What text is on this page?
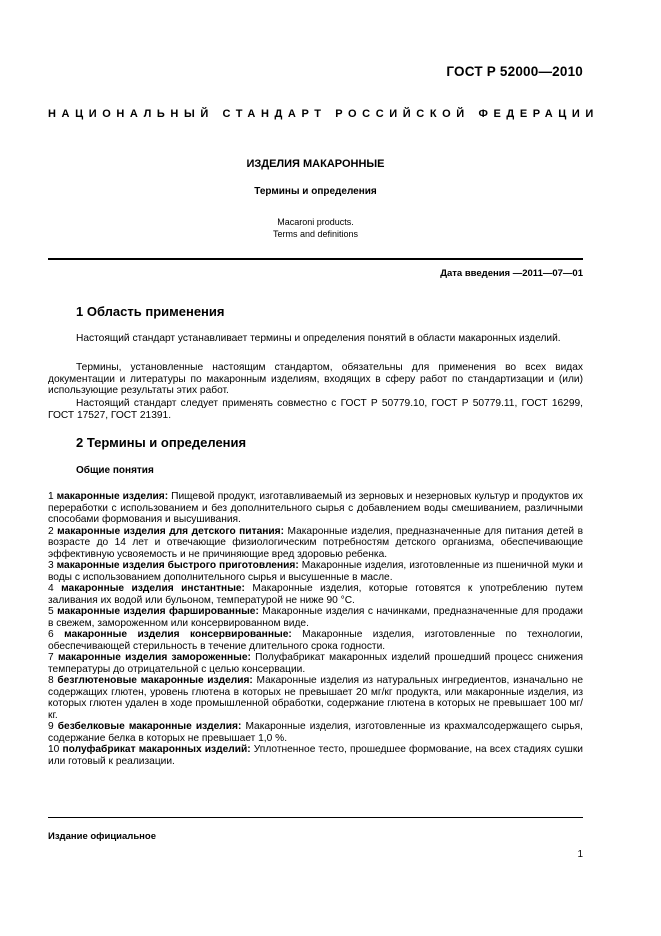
ГОСТ Р 52000—2010
НАЦИОНАЛЬНЫЙ СТАНДАРТ РОССИЙСКОЙ ФЕДЕРАЦИИ
ИЗДЕЛИЯ МАКАРОННЫЕ
Термины и определения
Macaroni products.
Terms and definitions
Дата введения —2011—07—01
1 Область применения

Настоящий стандарт устанавливает термины и определения понятий в области макаронных изделий.

Термины, установленные настоящим стандартом, обязательны для применения во всех видах документации и литературы по макаронным изделиям, входящих в сферу работ по стандартизации и (или) использующие результаты этих работ.

Настоящий стандарт следует применять совместно с ГОСТ Р 50779.10, ГОСТ Р 50779.11, ГОСТ 16299, ГОСТ 17527, ГОСТ 21391.

2 Термины и определения
Общие понятия

1 макаронные изделия: Пищевой продукт, изготавливаемый из зерновых и незерновых культур и продуктов их переработки с использованием и без дополнительного сырья с добавлением воды смешиванием, различными способами формования и высушивания.

2 макаронные изделия для детского питания: Макаронные изделия, предназначенные для питания детей в возрасте до 14 лет и отвечающие физиологическим потребностям детского организма, обеспечивающие эффективную усвояемость и не причиняющие вред здоровью ребенка.

3 макаронные изделия быстрого приготовления: Макаронные изделия, изготовленные из пшеничной муки и воды с использованием дополнительного сырья и высушенные в масле.

4 макаронные изделия инстантные: Макаронные изделия, которые готовятся к употреблению путем заливания их водой или бульоном, температурой не ниже 90 °С.

5 макаронные изделия фаршированные: Макаронные изделия с начинками, предназначенные для продажи в свежем, замороженном или консервированном виде.

6 макаронные изделия консервированные: Макаронные изделия, изготовленные по технологии, обеспечивающей стерильность в течение длительного срока годности.

7 макаронные изделия замороженные: Полуфабрикат макаронных изделий прошедший процесс снижения температуры до отрицательной с целью консервации.

8 безглютеновые макаронные изделия: Макаронные изделия из натуральных ингредиентов, изначально не содержащих глютен, уровень глютена в которых не превышает 20 мг/кг продукта, или макаронные изделия, из которых глютен удален в ходе промышленной обработки, содержание глютена в которых не превышает 100 мг/кг.

9 безбелковые макаронные изделия: Макаронные изделия, изготовленные из крахмалсодержащего сырья, содержание белка в которых не превышает 1,0 %.

10 полуфабрикат макаронных изделий: Уплотненное тесто, прошедшее формование, на всех стадиях сушки или готовый к реализации.

Издание официальное
1
